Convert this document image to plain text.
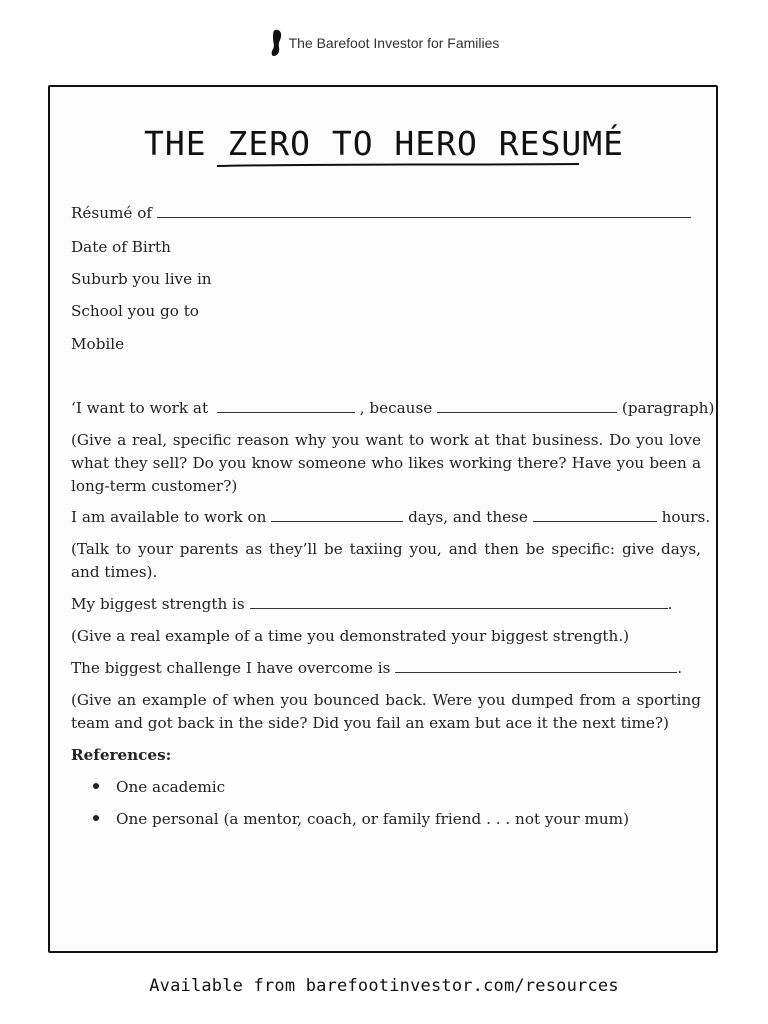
The Barefoot Investor for Families
THE ZERO TO HERO RESUMÉ
Résumé of
Date of Birth
Suburb you live in
School you go to
Mobile
‘I want to work at	, because	(paragraph).
(Give a real, specific reason why you want to work at that business. Do you love what they sell? Do you know someone who likes working there? Have you been a long-term customer?)
I am available to work on	days, and these	hours.
(Talk to your parents as they’ll be taxiing you, and then be specific: give days, and times).
My biggest strength is	.
(Give a real example of a time you demonstrated your biggest strength.)
The biggest challenge I have overcome is	.
(Give an example of when you bounced back. Were you dumped from a sporting team and got back in the side? Did you fail an exam but ace it the next time?)
References:
One academic
One personal (a mentor, coach, or family friend . . . not your mum)
Available from barefootinvestor.com/resources
